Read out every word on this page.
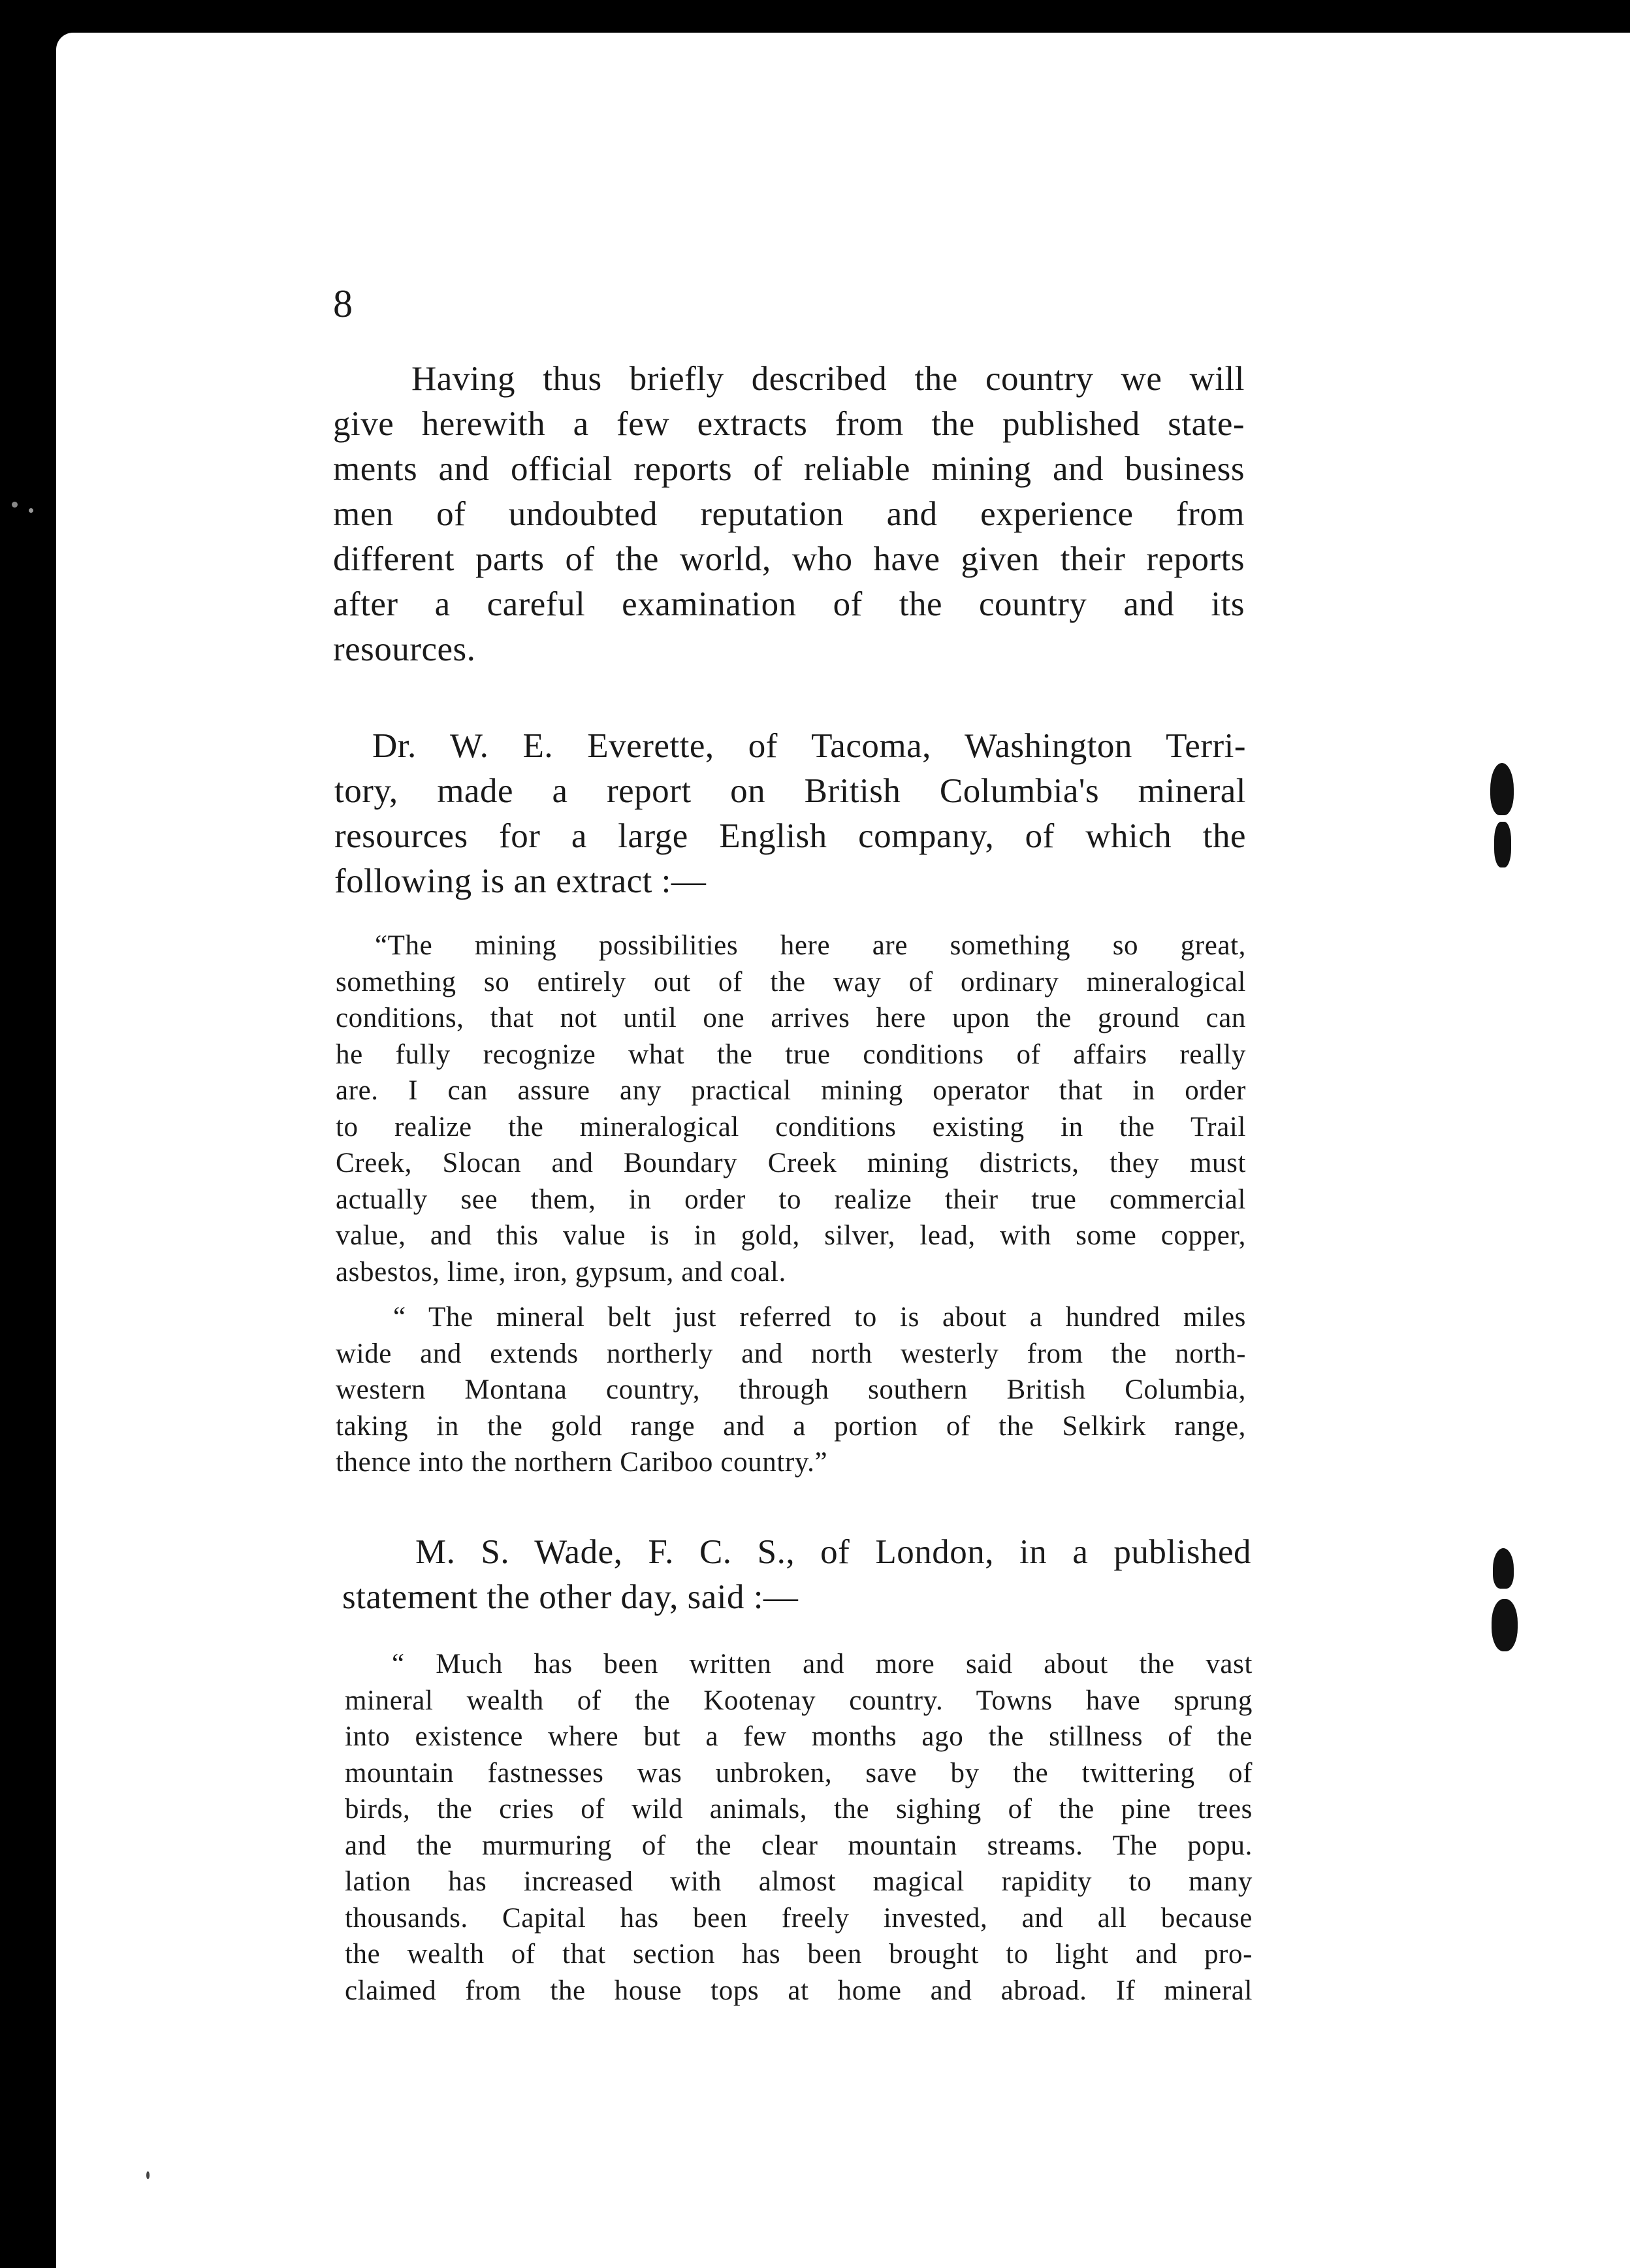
8
Having thus briefly described the country we will
give herewith a few extracts from the published state-
ments and official reports of reliable mining and business
men of undoubted reputation and experience from
different parts of the world, who have given their reports
after a careful examination of the country and its
resources.
Dr. W. E. Everette, of Tacoma, Washington Terri-
tory, made a report on British Columbia's mineral
resources for a large English company, of which the
following is an extract :—
“The mining possibilities here are something so great,
something so entirely out of the way of ordinary mineralogical
conditions, that not until one arrives here upon the ground can
he fully recognize what the true conditions of affairs really
are. I can assure any practical mining operator that in order
to realize the mineralogical conditions existing in the Trail
Creek, Slocan and Boundary Creek mining districts, they must
actually see them, in order to realize their true commercial
value, and this value is in gold, silver, lead, with some copper,
asbestos, lime, iron, gypsum, and coal.
“ The mineral belt just referred to is about a hundred miles
wide and extends northerly and north westerly from the north-
western Montana country, through southern British Columbia,
taking in the gold range and a portion of the Selkirk range,
thence into the northern Cariboo country.”
M. S. Wade, F. C. S., of London, in a published
statement the other day, said :—
“ Much has been written and more said about the vast
mineral wealth of the Kootenay country. Towns have sprung
into existence where but a few months ago the stillness of the
mountain fastnesses was unbroken, save by the twittering of
birds, the cries of wild animals, the sighing of the pine trees
and the murmuring of the clear mountain streams. The popu.
lation has increased with almost magical rapidity to many
thousands. Capital has been freely invested, and all because
the wealth of that section has been brought to light and pro-
claimed from the house tops at home and abroad. If mineral
